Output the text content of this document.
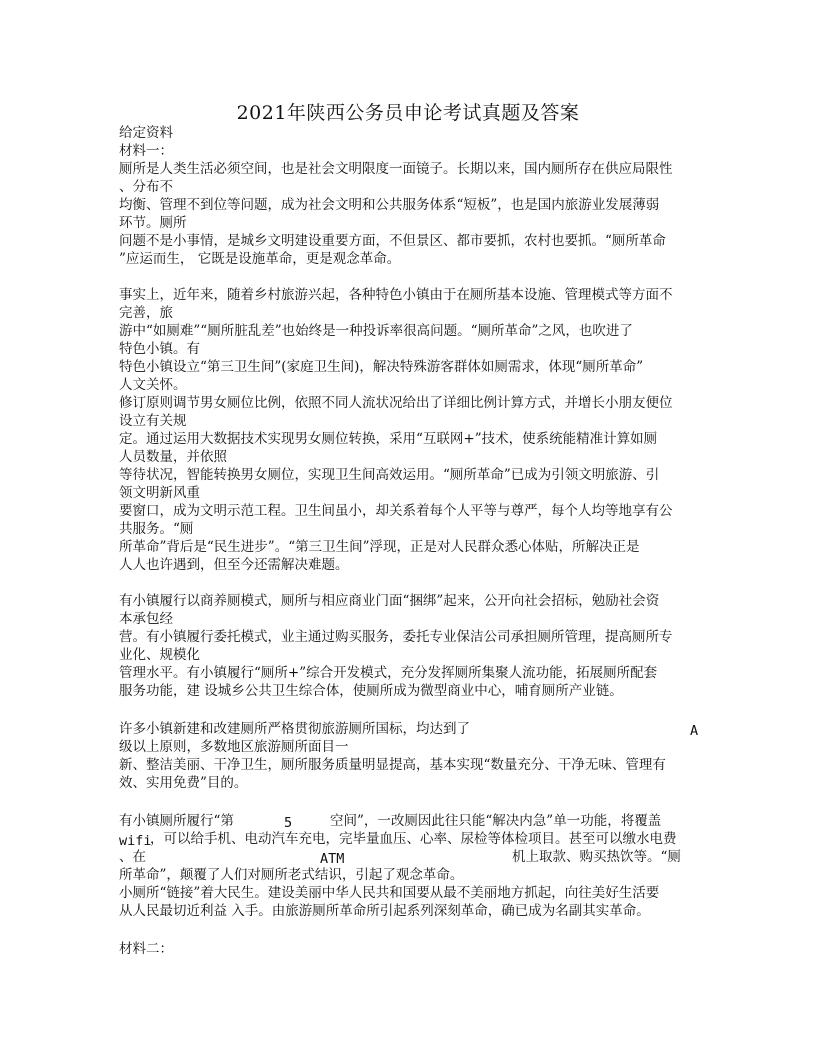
2021年陕西公务员申论考试真题及答案
给定资料
材料一：
厕所是人类生活必须空间，也是社会文明限度一面镜子。长期以来，国内厕所存在供应局限性
、分布不
均衡、管理不到位等问题，成为社会文明和公共服务体系“短板”，也是国内旅游业发展薄弱
环节。厕所
问题不是小事情，是城乡文明建设重要方面，不但景区、都市要抓，农村也要抓。“厕所革命
”应运而生， 它既是设施革命，更是观念革命。
事实上，近年来，随着乡村旅游兴起，各种特色小镇由于在厕所基本设施、管理模式等方面不
完善，旅
游中“如厕难”“厕所脏乱差”也始终是一种投诉率很高问题。“厕所革命”之风，也吹进了
特色小镇。有
特色小镇设立“第三卫生间”(家庭卫生间)，解决特殊游客群体如厕需求，体现“厕所革命”
人文关怀。
修订原则调节男女厕位比例，依照不同人流状况给出了详细比例计算方式，并增长小朋友便位
设立有关规
定。通过运用大数据技术实现男女厕位转换，采用“互联网+”技术，使系统能精准计算如厕
人员数量，并依照
等待状况，智能转换男女厕位，实现卫生间高效运用。“厕所革命”已成为引领文明旅游、引
领文明新风重
要窗口，成为文明示范工程。卫生间虽小，却关系着每个人平等与尊严，每个人均等地享有公
共服务。“厕
所革命”背后是“民生进步”。“第三卫生间”浮现，正是对人民群众悉心体贴，所解决正是
人人也许遇到，但至今还需解决难题。
有小镇履行以商养厕模式，厕所与相应商业门面“捆绑”起来，公开向社会招标，勉励社会资
本承包经
营。有小镇履行委托模式，业主通过购买服务，委托专业保洁公司承担厕所管理，提高厕所专
业化、规模化
管理水平。有小镇履行“厕所+”综合开发模式，充分发挥厕所集聚人流功能，拓展厕所配套
服务功能，建 设城乡公共卫生综合体，使厕所成为微型商业中心，哺育厕所产业链。
许多小镇新建和改建厕所严格贯彻旅游厕所国标，均达到了	A
级以上原则，多数地区旅游厕所面目一
新、整洁美丽、干净卫生，厕所服务质量明显提高，基本实现“数量充分、干净无味、管理有
效、实用免费”目的。
有小镇厕所履行“第	5	空间”，一改厕因此往只能“解决内急”单一功能，将覆盖
wifi
，可以给手机、电动汽车充电，完毕量血压、心率、尿检等体检项目。甚至可以缴水电费
、在	ATM	机上取款、购买热饮等。“厕
所革命”，颠覆了人们对厕所老式结识，引起了观念革命。
小厕所“链接”着大民生。建设美丽中华人民共和国要从最不美丽地方抓起，向往美好生活要
从人民最切近利益 入手。由旅游厕所革命所引起系列深刻革命，确已成为名副其实革命。
材料二：
